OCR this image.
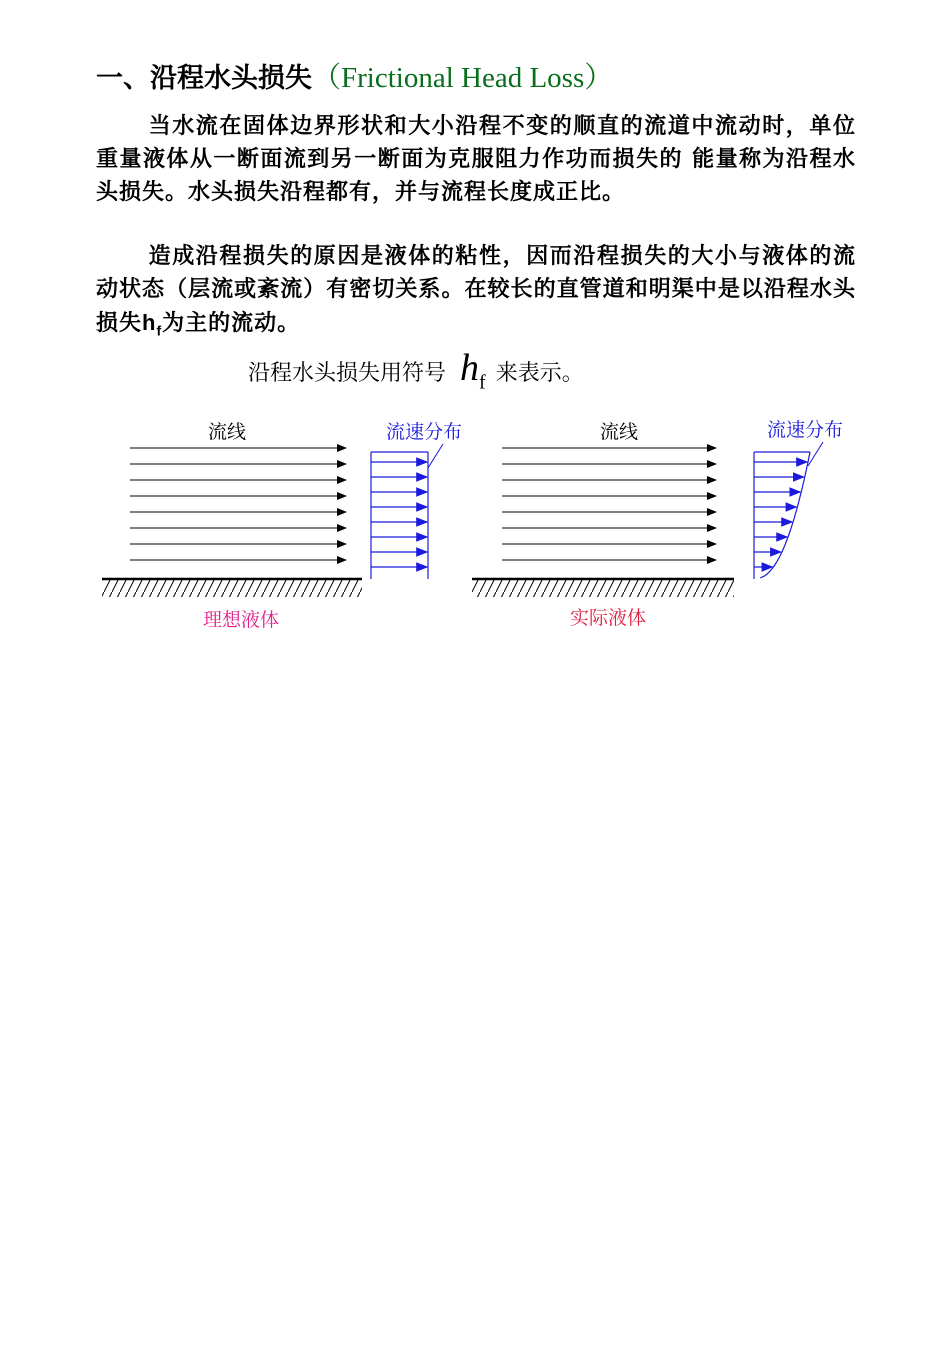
一、沿程水头损失（Frictional Head Loss）

当水流在固体边界形状和大小沿程不变的顺直的流道中流动时，单位重量液体从一断面流到另一断面为克服阻力作功而损失的 能量称为沿程水头损失。水头损失沿程都有，并与流程长度成正比。

造成沿程损失的原因是液体的粘性，因而沿程损失的大小与液体的流动状态（层流或紊流）有密切关系。在较长的直管道和明渠中是以沿程水头损失$h_f$为主的流动。

沿程水头损失用符号 $h_f$ 来表示。
流线	流速分布
理想液体
流线	流速分布
实际液体
